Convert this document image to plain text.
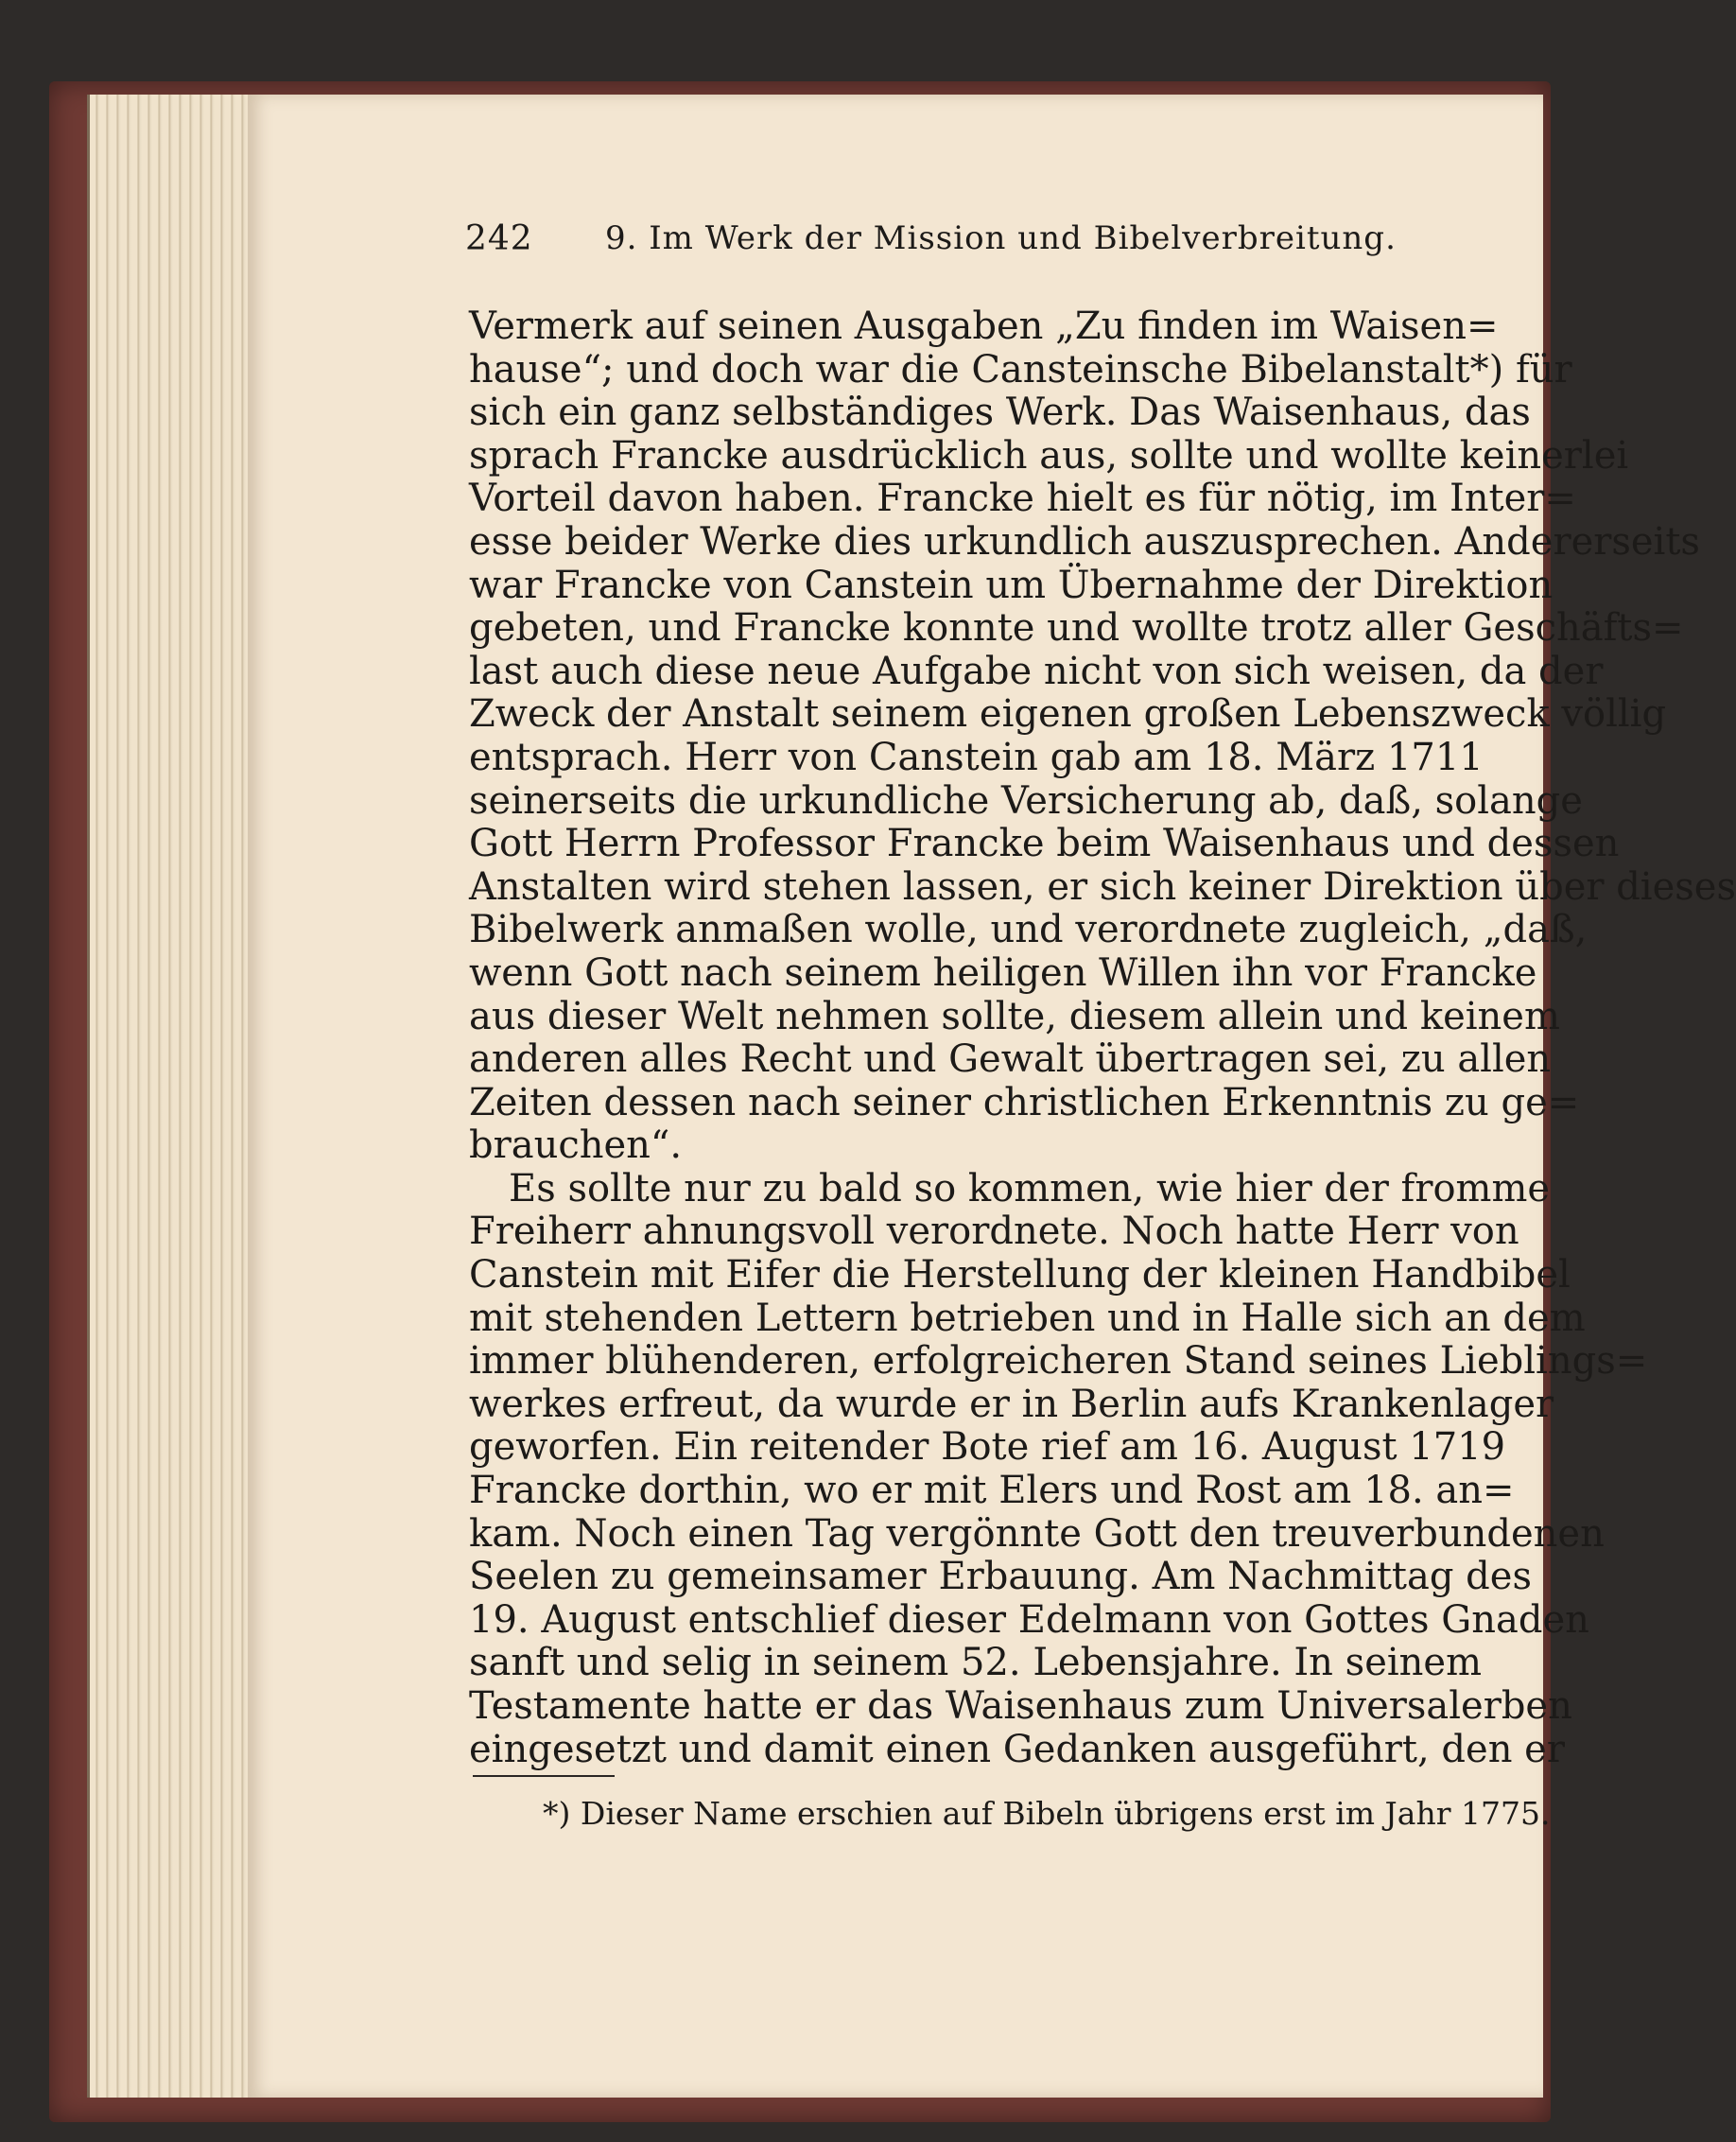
242 9. Im Werk der Mission und Bibelverbreitung.
Vermerk auf seinen Ausgaben „Zu finden im Waisen=
hause“; und doch war die Cansteinsche Bibelanstalt*) für
sich ein ganz selbständiges Werk. Das Waisenhaus, das
sprach Francke ausdrücklich aus, sollte und wollte keinerlei
Vorteil davon haben. Francke hielt es für nötig, im Inter=
esse beider Werke dies urkundlich auszusprechen. Andererseits
war Francke von Canstein um Übernahme der Direktion
gebeten, und Francke konnte und wollte trotz aller Geschäfts=
last auch diese neue Aufgabe nicht von sich weisen, da der
Zweck der Anstalt seinem eigenen großen Lebenszweck völlig
entsprach. Herr von Canstein gab am 18. März 1711
seinerseits die urkundliche Versicherung ab, daß, solange
Gott Herrn Professor Francke beim Waisenhaus und dessen
Anstalten wird stehen lassen, er sich keiner Direktion über dieses
Bibelwerk anmaßen wolle, und verordnete zugleich, „daß,
wenn Gott nach seinem heiligen Willen ihn vor Francke
aus dieser Welt nehmen sollte, diesem allein und keinem
anderen alles Recht und Gewalt übertragen sei, zu allen
Zeiten dessen nach seiner christlichen Erkenntnis zu ge=
brauchen“.
Es sollte nur zu bald so kommen, wie hier der fromme
Freiherr ahnungsvoll verordnete. Noch hatte Herr von
Canstein mit Eifer die Herstellung der kleinen Handbibel
mit stehenden Lettern betrieben und in Halle sich an dem
immer blühenderen, erfolgreicheren Stand seines Lieblings=
werkes erfreut, da wurde er in Berlin aufs Krankenlager
geworfen. Ein reitender Bote rief am 16. August 1719
Francke dorthin, wo er mit Elers und Rost am 18. an=
kam. Noch einen Tag vergönnte Gott den treuverbundenen
Seelen zu gemeinsamer Erbauung. Am Nachmittag des
19. August entschlief dieser Edelmann von Gottes Gnaden
sanft und selig in seinem 52. Lebensjahre. In seinem
Testamente hatte er das Waisenhaus zum Universalerben
eingesetzt und damit einen Gedanken ausgeführt, den er
*) Dieser Name erschien auf Bibeln übrigens erst im Jahr 1775.
